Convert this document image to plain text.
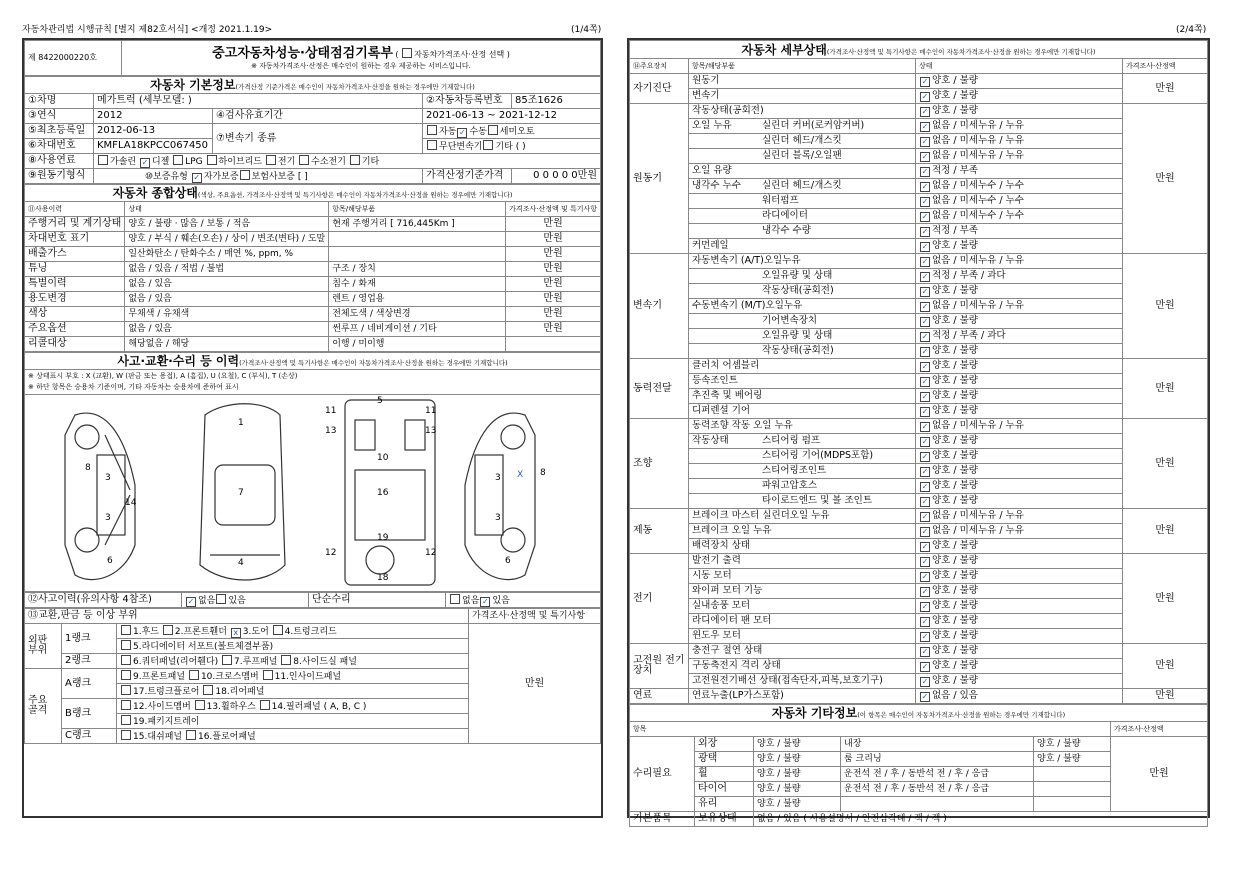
자동차관리법 시행규칙 [별지 제82호서식] <개정 2021.1.19>	(1/4쪽)	(2/4쪽)
제 8422000220호	중고자동차성능·상태점검기록부 ( 자동차가격조사·산정 선택 )
※ 자동차가격조사·산정은 매수인이 원하는 경우 제공하는 서비스입니다.
자동차 기본정보(가격산정 기준가격은 매수인이 자동차가격조사·산정을 원하는 경우에만 기재합니다)				
①차명	메가트럭 (세부모델: )		②자동차등록번호	85조1626
③연식	2012	④검사유효기간	2021-06-13 ~ 2021-12-12	
⑤최초등록일	2012-06-13	⑦변속기 종류	자동 ✓ 수동 세미오토	
⑥차대번호	KMFLA18KPCC067450		무단변속기 기타 ( )	
⑧사용연료	가솔린 ✓ 디젤 LPG 하이브리드 전기 수소전기 기타			
⑨원동기형식	⑩보증유형 ✓ 자가보증 보험사보증 [ ]		가격산정기준가격	0 0 0 0 0만원
자동차 종합상태(색상, 주요옵션, 가격조사·산정액 및 특기사항은 매수인이 자동차가격조사·산정을 원하는 경우에만 기재합니다)			
⑪사용이력	상태	항목/해당부품	가격조사·산정액 및 특기사항
주행거리 및 계기상태	양호 / 불량 · 많음 / 보통 / 적음	현재 주행거리 [ 716,445Km ]	만원
차대번호 표기	양호 / 부식 / 훼손(오손) / 상이 / 변조(변타) / 도말		만원
배출가스	일산화탄소 / 탄화수소 / 매연 %, ppm, %		만원
튜닝	없음 / 있음 / 적법 / 불법	구조 / 장치	만원
특별이력	없음 / 있음	침수 / 화재	만원
용도변경	없음 / 있음	렌트 / 영업용	만원
색상	무채색 / 유채색	전체도색 / 색상변경	만원
주요옵션	없음 / 있음	썬루프 / 네비게이션 / 기타	만원
리콜대상	해당없음 / 해당	이행 / 미이행	
사고·교환·수리 등 이력(가격조사·산정액 및 특기사항은 매수인이 자동차가격조사·산정을 원하는 경우에만 기재합니다)

※ 상태표시 부호 : X (교환), W (판금 또는 용접), A (흠집), U (요철), C (부식), T (손상)
※ 하단 항목은 승용차 기준이며, 기타 자동차는 승용차에 준하여 표시

3
3
8
14
6
1
7
4
5
11	11
13	13
10
16
19
18
12	12
3
3
8
6
X
⑫사고이력(유의사항 4참조)	✓ 없음 있음	단순수리	없음 ✓ 있음
⑬교환,판금 등 이상 부위			가격조사·산정액 및 특기사항
외판 부위	1랭크	1.후드 2.프론트휀더 x 3.도어 4.트렁크리드	만원
		5.라디에이터 서포트(볼트체결부품)	
	2랭크	6.쿼터패널(리어휀다) 7.루프패널 8.사이드실 패널	
주요 골격	A랭크	9.프론트패널 10.크로스멤버 11.인사이드패널	
		17.트렁크플로어 18.리어패널	
	B랭크	12.사이드멤버 13.휠하우스 14.필러패널 ( A, B, C )	
		19.패키지트레이	
	C랭크	15.대쉬패널 16.플로어패널	
자동차 세부상태(가격조사·산정액 및 특기사항은 매수인이 자동차가격조사·산정을 원하는 경우에만 기재합니다)			
⑭주요장치	항목/해당부품	상태	가격조사·산정액
자기진단	원동기	✓ 양호 / 불량	만원
	변속기	✓ 양호 / 불량	
원동기	작동상태(공회전)	✓ 양호 / 불량	만원
	오일 누유 실린더 커버(로커암커버)	✓ 없음 / 미세누유 / 누유	
	실린더 헤드/개스킷	✓ 없음 / 미세누유 / 누유	
	실린더 블록/오일팬	✓ 없음 / 미세누유 / 누유	
	오일 유량	✓ 적정 / 부족	
	냉각수 누수 실린더 헤드/개스킷	✓ 없음 / 미세누수 / 누수	
	워터펌프	✓ 없음 / 미세누수 / 누수	
	라디에이터	✓ 없음 / 미세누수 / 누수	
	냉각수 수량	✓ 적정 / 부족	
	커먼레일	✓ 양호 / 불량	
변속기	자동변속기 (A/T)오일누유	✓ 없음 / 미세누유 / 누유	만원
	오일유량 및 상태	✓ 적정 / 부족 / 과다	
	작동상태(공회전)	✓ 양호 / 불량	
	수동변속기 (M/T)오일누유	✓ 없음 / 미세누유 / 누유	
	기어변속장치	✓ 양호 / 불량	
	오일유량 및 상태	✓ 적정 / 부족 / 과다	
	작동상태(공회전)	✓ 양호 / 불량	
동력전달	클러치 어셈블리	✓ 양호 / 불량	만원
	등속조인트	✓ 양호 / 불량	
	추진축 및 베어링	✓ 양호 / 불량	
	디퍼렌셜 기어	✓ 양호 / 불량	
조향	동력조향 작동 오일 누유	✓ 없음 / 미세누유 / 누유	만원
	작동상태 스티어링 펌프	✓ 양호 / 불량	
	스티어링 기어(MDPS포함)	✓ 양호 / 불량	
	스티어링조인트	✓ 양호 / 불량	
	파워고압호스	✓ 양호 / 불량	
	타이로드엔드 및 볼 조인트	✓ 양호 / 불량	
제동	브레이크 마스터 실린더오일 누유	✓ 없음 / 미세누유 / 누유	만원
	브레이크 오일 누유	✓ 없음 / 미세누유 / 누유	
	배력장치 상태	✓ 양호 / 불량	
전기	발전기 출력	✓ 양호 / 불량	만원
	시동 모터	✓ 양호 / 불량	
	와이퍼 모터 기능	✓ 양호 / 불량	
	실내송풍 모터	✓ 양호 / 불량	
	라디에이터 팬 모터	✓ 양호 / 불량	
	윈도우 모터	✓ 양호 / 불량	
고전원 전기장치	충전구 절연 상태	✓ 양호 / 불량	만원
	구동축전지 격리 상태	✓ 양호 / 불량	
	고전원전기배선 상태(접속단자,피복,보호기구)	✓ 양호 / 불량	
연료	연료누출(LP가스포함)	✓ 없음 / 있음	만원
자동차 기타정보(이 항목은 매수인이 자동차가격조사·산정을 원하는 경우에만 기재합니다)					
항목					가격조사·산정액
수리필요	외장	양호 / 불량	내장	양호 / 불량	만원
	광택	양호 / 불량	룸 크리닝	양호 / 불량	
	휠	양호 / 불량	운전석 전 / 후 / 동반석 전 / 후 / 응급		
	타이어	양호 / 불량	운전석 전 / 후 / 동반석 전 / 후 / 응급		
	유리	양호 / 불량			
기본품목	보유상태	없음 / 있음 ( 사용설명서 / 안전삼각대 / 잭 / 잭 )			
